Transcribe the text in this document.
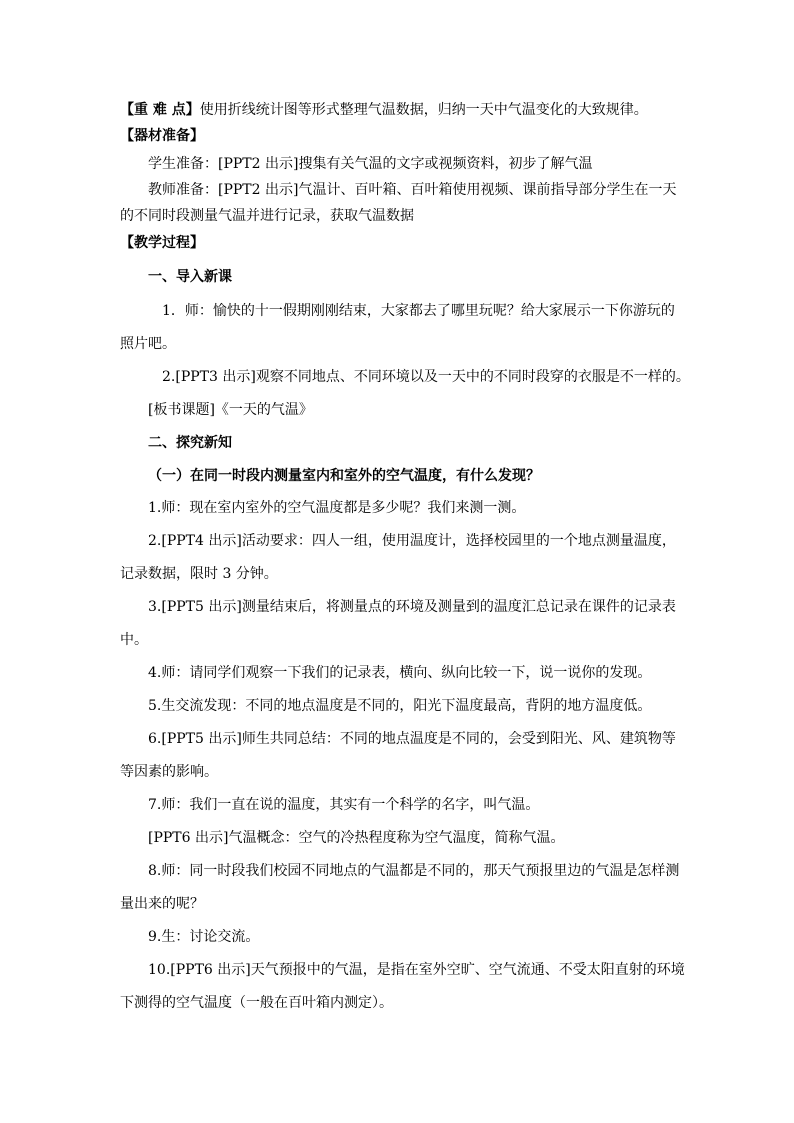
【重 难 点】使用折线统计图等形式整理气温数据，归纳一天中气温变化的大致规律。
【器材准备】
学生准备：[PPT2 出示]搜集有关气温的文字或视频资料，初步了解气温
教师准备：[PPT2 出示]气温计、百叶箱、百叶箱使用视频、课前指导部分学生在一天
的不同时段测量气温并进行记录，获取气温数据
【教学过程】
一、导入新课
1．师：愉快的十一假期刚刚结束，大家都去了哪里玩呢？给大家展示一下你游玩的
照片吧。
2.[PPT3 出示]观察不同地点、不同环境以及一天中的不同时段穿的衣服是不一样的。
[板书课题]《一天的气温》
二、探究新知
（一）在同一时段内测量室内和室外的空气温度，有什么发现？
1.师：现在室内室外的空气温度都是多少呢？我们来测一测。
2.[PPT4 出示]活动要求：四人一组，使用温度计，选择校园里的一个地点测量温度，
记录数据，限时 3 分钟。
3.[PPT5 出示]测量结束后，将测量点的环境及测量到的温度汇总记录在课件的记录表
中。
4.师：请同学们观察一下我们的记录表，横向、纵向比较一下，说一说你的发现。
5.生交流发现：不同的地点温度是不同的，阳光下温度最高，背阴的地方温度低。
6.[PPT5 出示]师生共同总结：不同的地点温度是不同的，会受到阳光、风、建筑物等
等因素的影响。
7.师：我们一直在说的温度，其实有一个科学的名字，叫气温。
[PPT6 出示]气温概念：空气的冷热程度称为空气温度，简称气温。
8.师：同一时段我们校园不同地点的气温都是不同的，那天气预报里边的气温是怎样测
量出来的呢？
9.生：讨论交流。
10.[PPT6 出示]天气预报中的气温，是指在室外空旷、空气流通、不受太阳直射的环境
下测得的空气温度（一般在百叶箱内测定）。
